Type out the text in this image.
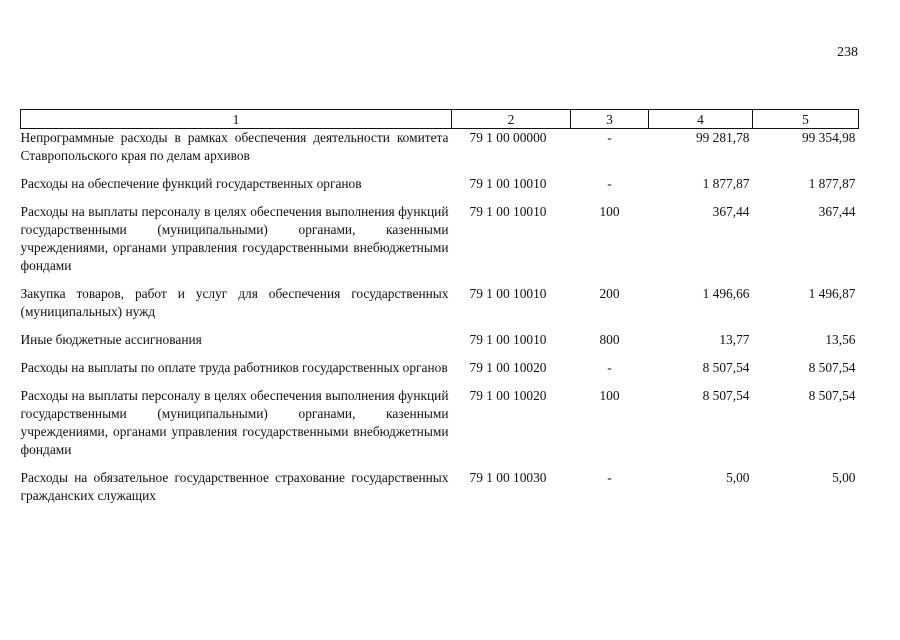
238
1	2	3	4	5
Непрограммные расходы в рамках обеспечения деятельности комитета Ставропольского края по делам архивов	79 1 00 00000	-	99 281,78	99 354,98

Расходы на обеспечение функций государственных органов	79 1 00 10010	-	1 877,87	1 877,87

Расходы на выплаты персоналу в целях обеспечения выполнения функций государственными (муниципальными) органами, казенными учреждениями, органами управления государственными внебюджетными фондами	79 1 00 10010	100	367,44	367,44

Закупка товаров, работ и услуг для обеспечения государственных (муниципальных) нужд	79 1 00 10010	200	1 496,66	1 496,87

Иные бюджетные ассигнования	79 1 00 10010	800	13,77	13,56

Расходы на выплаты по оплате труда работников государственных органов	79 1 00 10020	-	8 507,54	8 507,54

Расходы на выплаты персоналу в целях обеспечения выполнения функций государственными (муниципальными) органами, казенными учреждениями, органами управления государственными внебюджетными фондами	79 1 00 10020	100	8 507,54	8 507,54

Расходы на обязательное государственное страхование государственных гражданских служащих	79 1 00 10030	-	5,00	5,00
